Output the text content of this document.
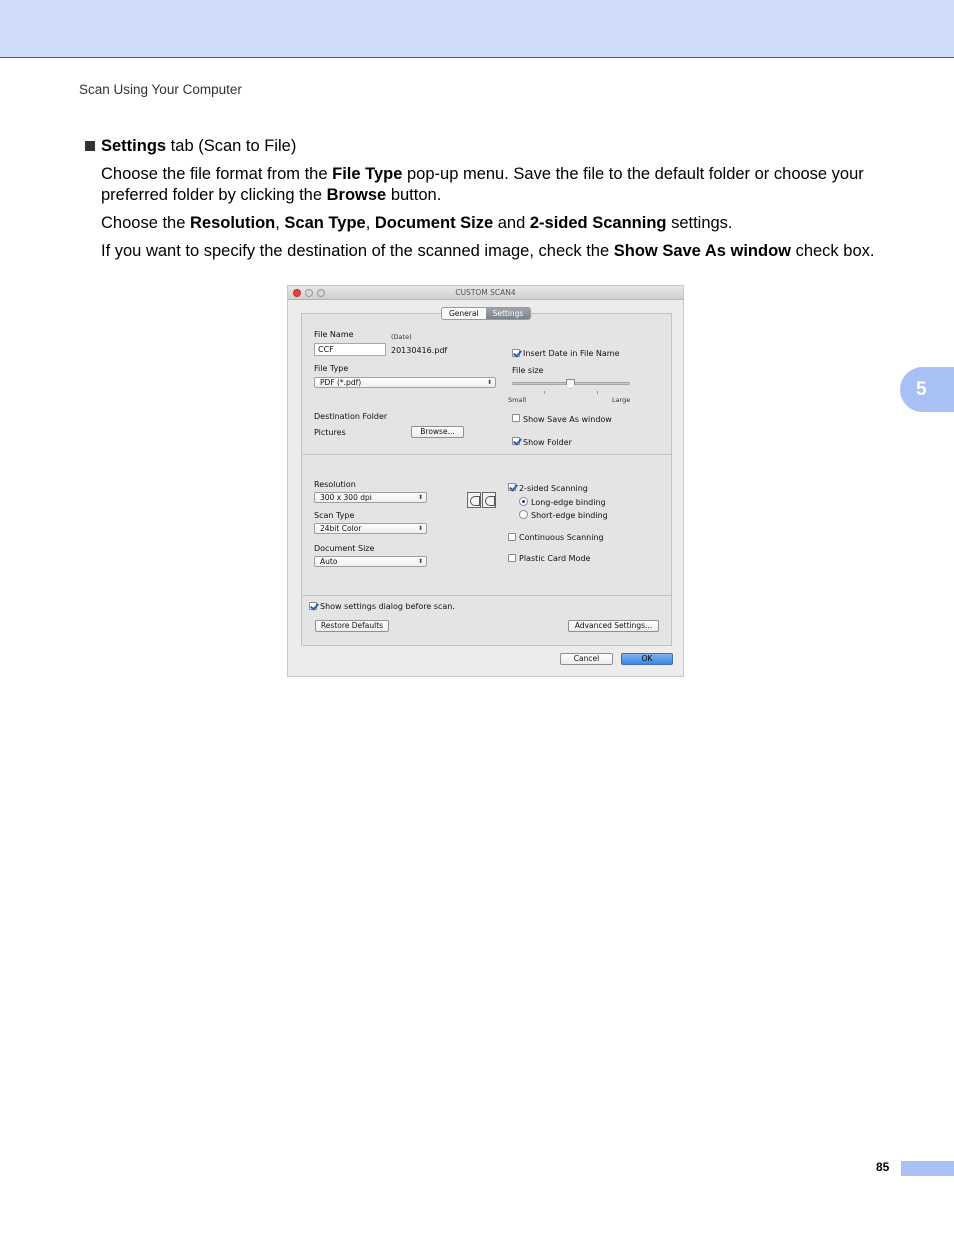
Scan Using Your Computer
5
Settings tab (Scan to File)

Choose the file format from the File Type pop-up menu. Save the file to the default folder or choose your preferred folder by clicking the Browse button.

Choose the Resolution, Scan Type, Document Size and 2-sided Scanning settings.

If you want to specify the destination of the scanned image, check the Show Save As window check box.

CUSTOM SCAN4
General	Settings
File Name	(Date)
CCF	20130416.pdf	Insert Date in File Name
File Type
PDF (*.pdf)	⬍
File size
Small	Large
Destination Folder
Pictures	Browse...
Show Save As window
Show Folder
Resolution
300 x 300 dpi	⬍
Scan Type
24bit Color	⬍
Document Size
Auto	⬍
2-sided Scanning
Long-edge binding
Short-edge binding
Continuous Scanning
Plastic Card Mode
Show settings dialog before scan.
Restore Defaults	Advanced Settings...
Cancel	OK
85
